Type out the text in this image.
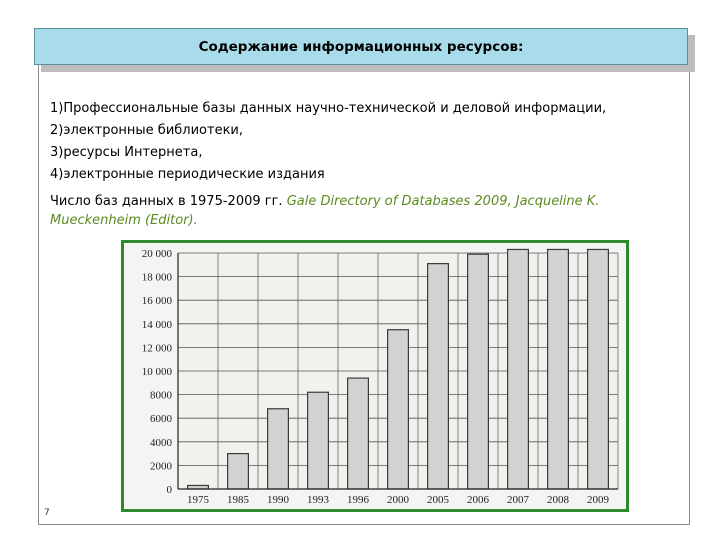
Содержание информационных ресурсов:
1)Профессиональные базы данных научно-технической и деловой информации,
2)электронные библиотеки,
3)ресурсы Интернета,
4)электронные периодические издания
Число баз данных в 1975-2009 гг. Gale Directory of Databases 2009, Jacqueline K. Mueckenheim (Editor).
0
2000
4000
6000
8000
10 000
12 000
14 000
16 000
18 000
20 000
1975 1985 1990 1993 1996 2000 2005 2006 2007 2008 2009
7
